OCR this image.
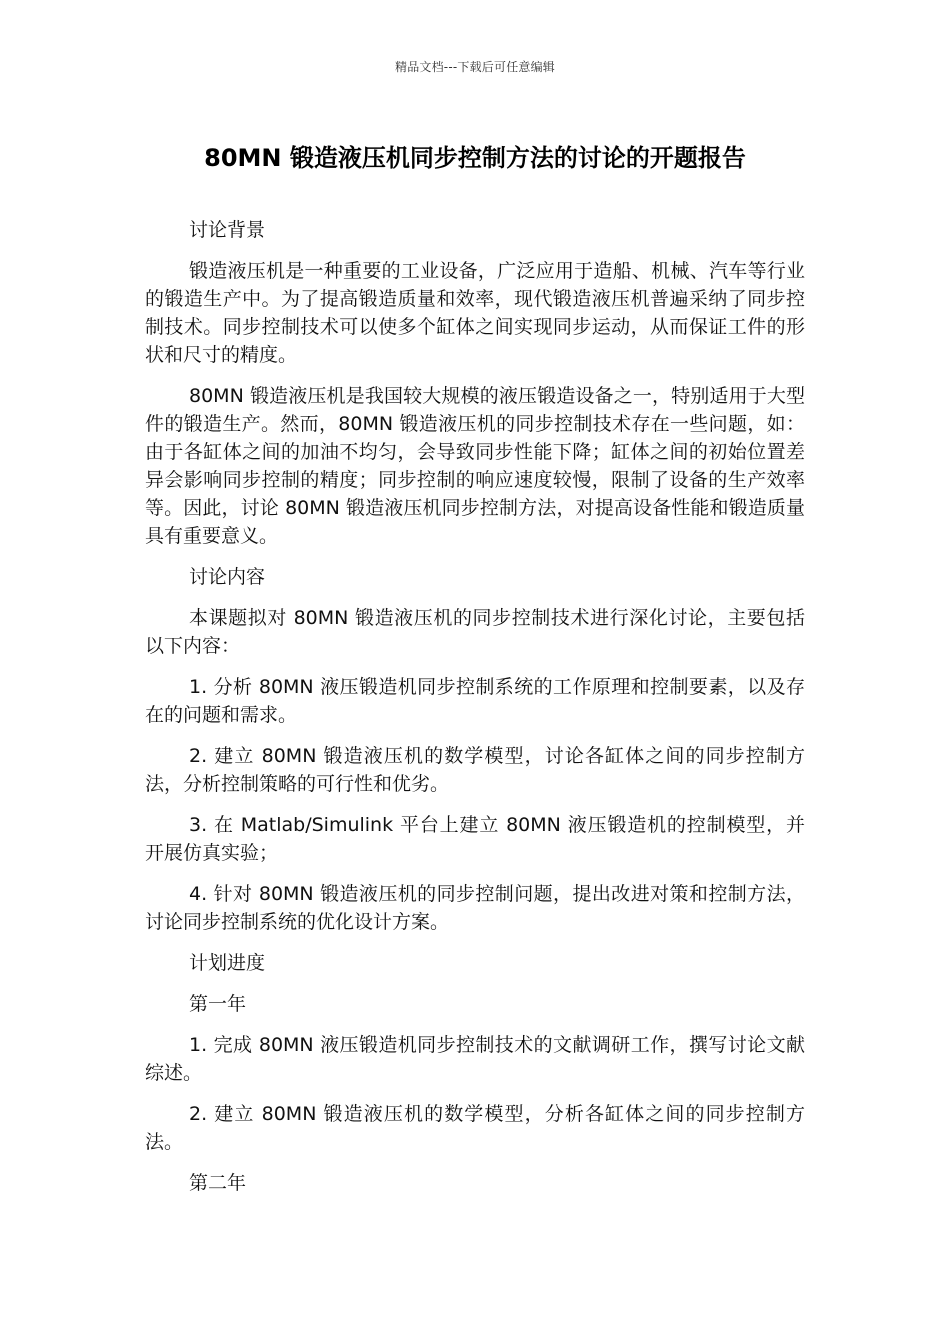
精品文档---下载后可任意编辑
80MN 锻造液压机同步控制方法的讨论的开题报告

讨论背景

锻造液压机是一种重要的工业设备，广泛应用于造船、机械、汽车等行业的锻造生产中。为了提高锻造质量和效率，现代锻造液压机普遍采纳了同步控制技术。同步控制技术可以使多个缸体之间实现同步运动，从而保证工件的形状和尺寸的精度。

80MN 锻造液压机是我国较大规模的液压锻造设备之一，特别适用于大型件的锻造生产。然而，80MN 锻造液压机的同步控制技术存在一些问题，如：由于各缸体之间的加油不均匀，会导致同步性能下降；缸体之间的初始位置差异会影响同步控制的精度；同步控制的响应速度较慢，限制了设备的生产效率等。因此，讨论 80MN 锻造液压机同步控制方法，对提高设备性能和锻造质量具有重要意义。

讨论内容

本课题拟对 80MN 锻造液压机的同步控制技术进行深化讨论，主要包括以下内容：

1. 分析 80MN 液压锻造机同步控制系统的工作原理和控制要素，以及存在的问题和需求。

2. 建立 80MN 锻造液压机的数学模型，讨论各缸体之间的同步控制方法，分析控制策略的可行性和优劣。

3. 在 Matlab/Simulink 平台上建立 80MN 液压锻造机的控制模型，并开展仿真实验；

4. 针对 80MN 锻造液压机的同步控制问题，提出改进对策和控制方法，讨论同步控制系统的优化设计方案。

计划进度

第一年

1. 完成 80MN 液压锻造机同步控制技术的文献调研工作，撰写讨论文献综述。

2. 建立 80MN 锻造液压机的数学模型，分析各缸体之间的同步控制方法。

第二年
